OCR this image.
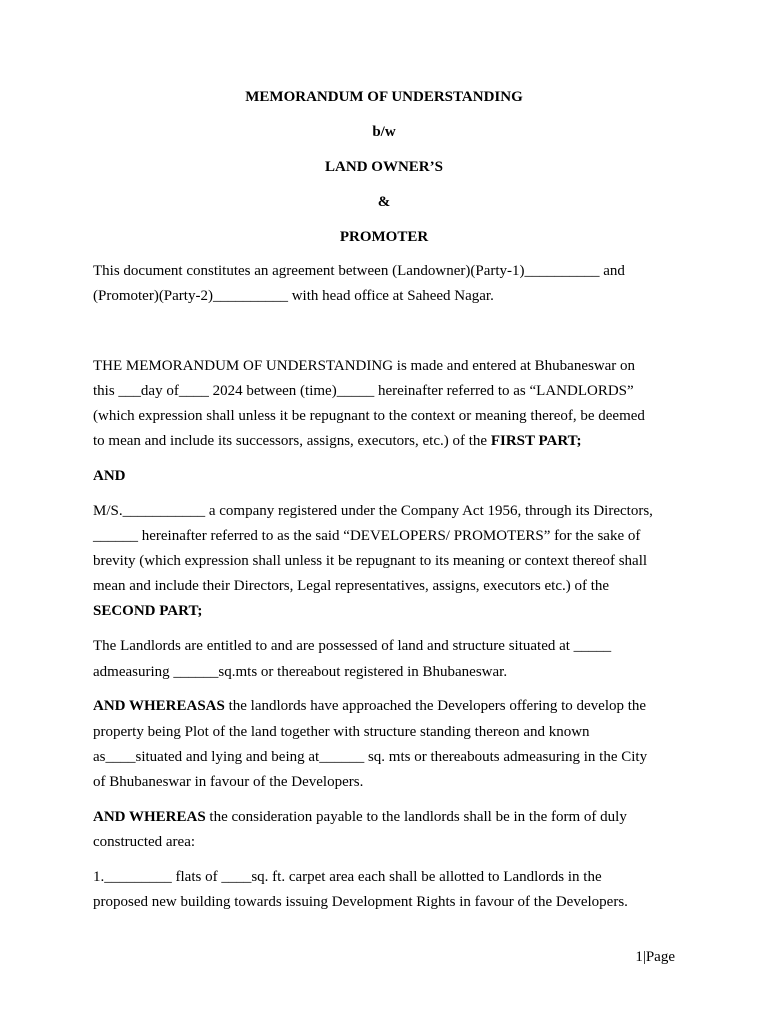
MEMORANDUM OF UNDERSTANDING
b/w
LAND OWNER’S
&
PROMOTER
This document constitutes an agreement between (Landowner)(Party-1)__________ and
(Promoter)(Party-2)__________ with head office at Saheed Nagar.
THE MEMORANDUM OF UNDERSTANDING is made and entered at Bhubaneswar on
this ___day of____ 2024 between (time)_____ hereinafter referred to as “LANDLORDS”
(which expression shall unless it be repugnant to the context or meaning thereof, be deemed
to mean and include its successors, assigns, executors, etc.) of the FIRST PART;
AND
M/S.___________ a company registered under the Company Act 1956, through its Directors,
______ hereinafter referred to as the said “DEVELOPERS/ PROMOTERS” for the sake of
brevity (which expression shall unless it be repugnant to its meaning or context thereof shall
mean and include their Directors, Legal representatives, assigns, executors etc.) of the
SECOND PART;
The Landlords are entitled to and are possessed of land and structure situated at _____
admeasuring ______sq.mts or thereabout registered in Bhubaneswar.
AND WHEREASAS the landlords have approached the Developers offering to develop the
property being Plot of the land together with structure standing thereon and known
as____situated and lying and being at______ sq. mts or thereabouts admeasuring in the City
of Bhubaneswar in favour of the Developers.
AND WHEREAS the consideration payable to the landlords shall be in the form of duly
constructed area:
1._________ flats of ____sq. ft. carpet area each shall be allotted to Landlords in the
proposed new building towards issuing Development Rights in favour of the Developers.
1|Page
